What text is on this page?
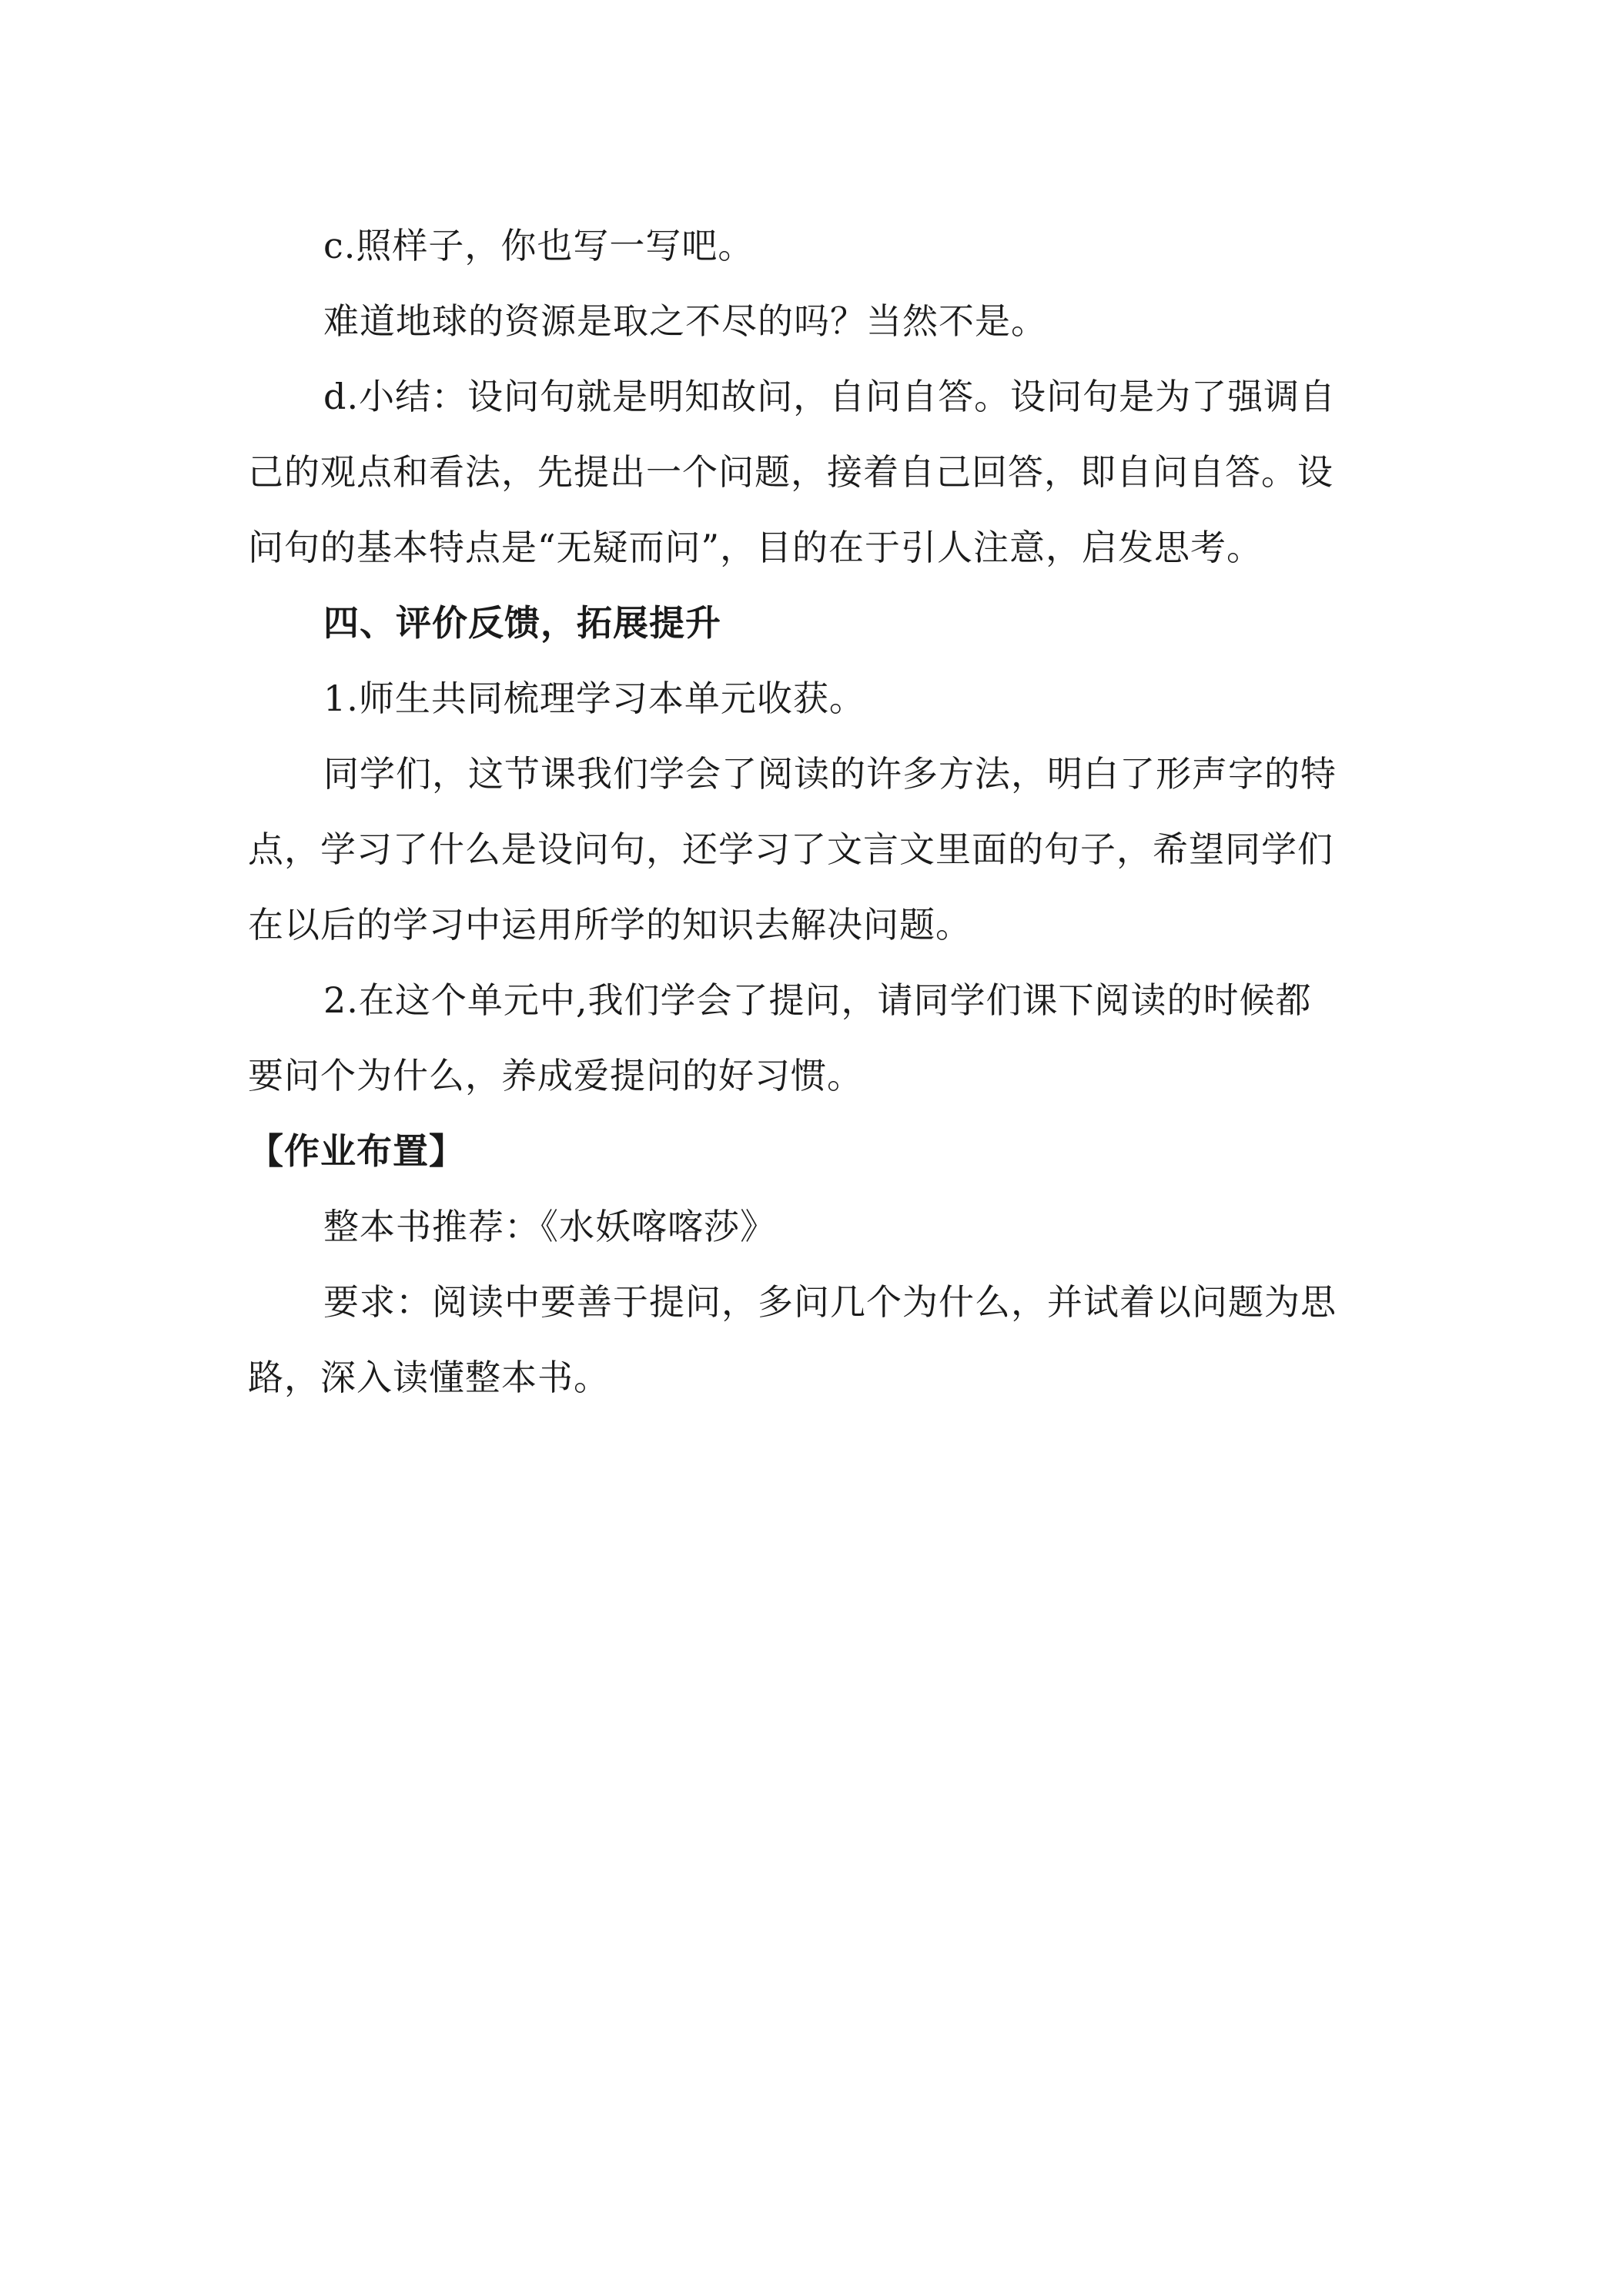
c.照样子，你也写一写吧。

难道地球的资源是取之不尽的吗？当然不是。

d.小结：设问句就是明知故问，自问自答。设问句是为了强调自

己的观点和看法，先提出一个问题，接着自己回答，即自问自答。设

问句的基本特点是“无疑而问”，目的在于引人注意，启发思考。

四、评价反馈，拓展提升

1.师生共同梳理学习本单元收获。

同学们，这节课我们学会了阅读的许多方法，明白了形声字的特

点，学习了什么是设问句，还学习了文言文里面的句子，希望同学们

在以后的学习中运用所学的知识去解决问题。

2.在这个单元中,我们学会了提问，请同学们课下阅读的时候都

要问个为什么，养成爱提问的好习惯。

【作业布置】

整本书推荐：《水妖喀喀莎》

要求：阅读中要善于提问，多问几个为什么，并试着以问题为思

路，深入读懂整本书。
